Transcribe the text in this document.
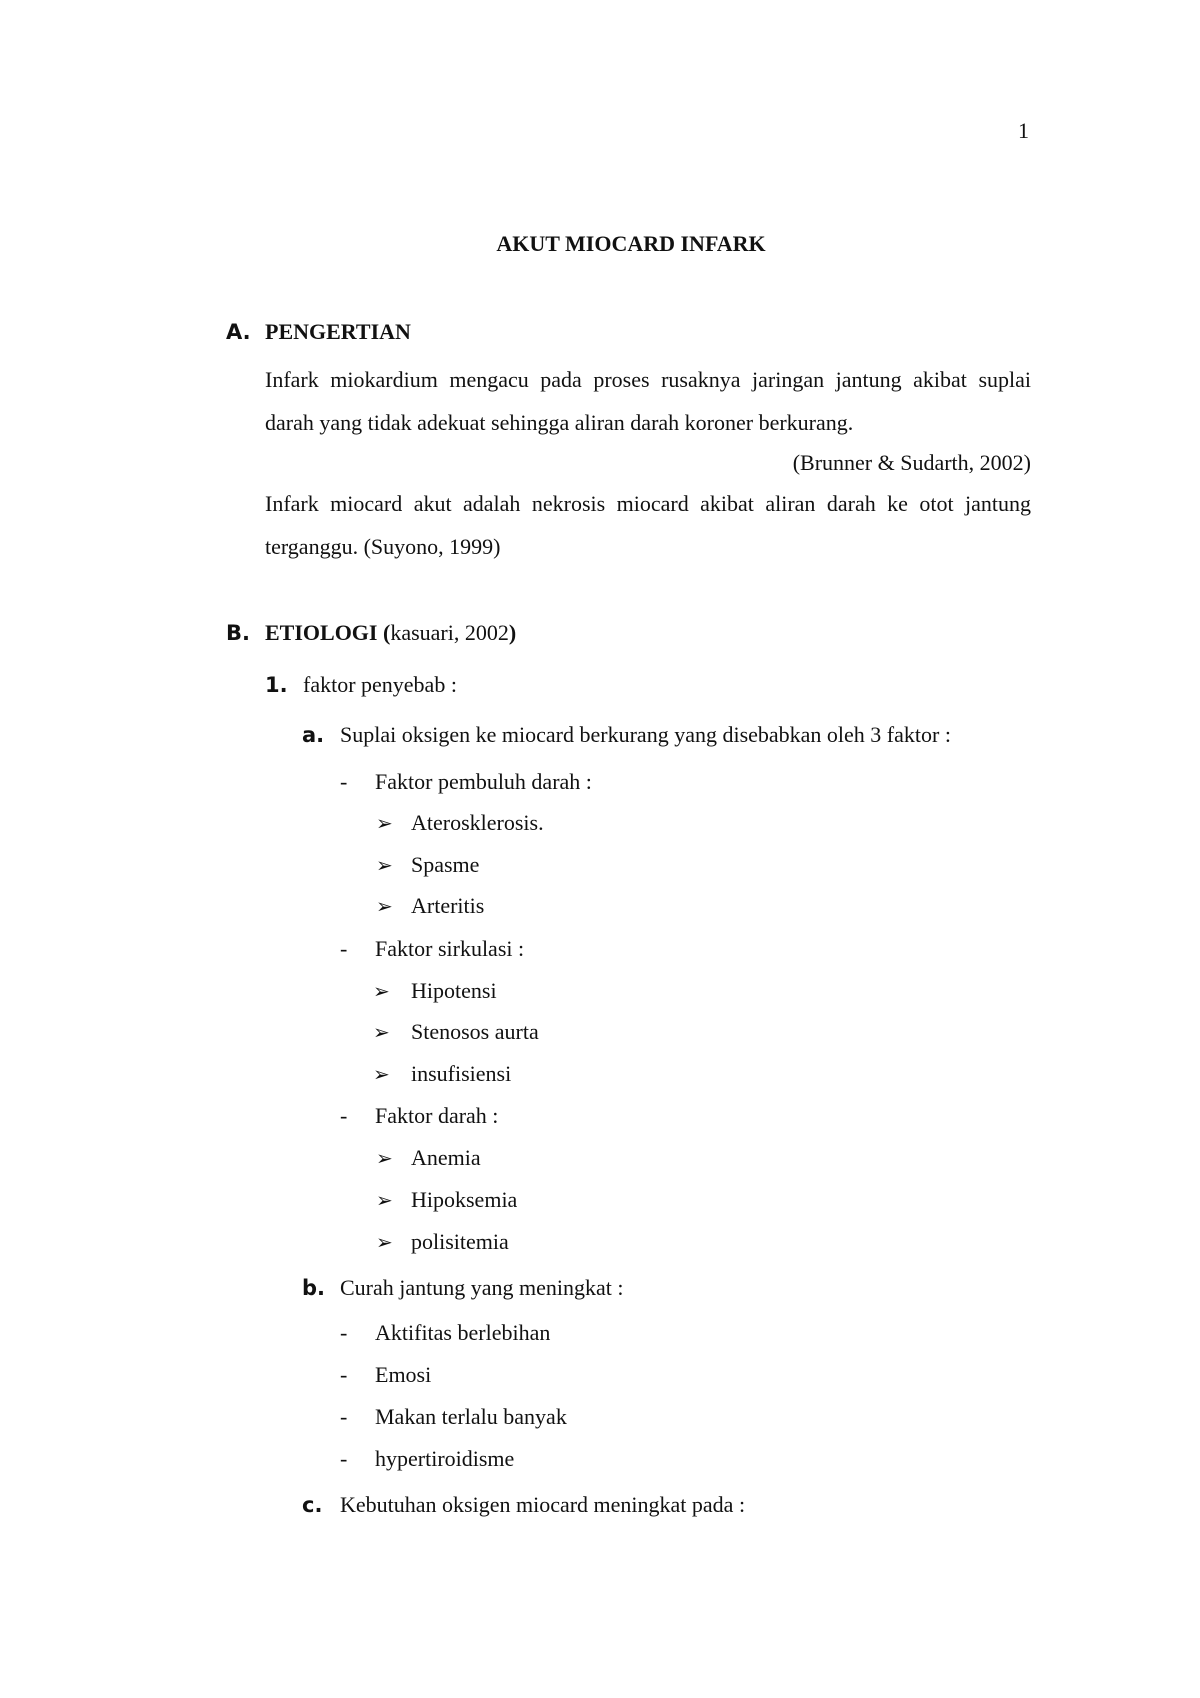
1
AKUT MIOCARD INFARK
A. PENGERTIAN
Infark miokardium mengacu pada proses rusaknya jaringan jantung akibat suplai darah yang tidak adekuat sehingga aliran darah koroner berkurang.
(Brunner & Sudarth, 2002)
Infark miocard akut adalah nekrosis miocard akibat aliran darah ke otot jantung terganggu. (Suyono, 1999)
B. ETIOLOGI (kasuari, 2002)
1. faktor penyebab :
a. Suplai oksigen ke miocard berkurang yang disebabkan oleh 3 faktor :
- Faktor pembuluh darah :
➢ Aterosklerosis.
➢ Spasme
➢ Arteritis
- Faktor sirkulasi :
➢ Hipotensi
➢ Stenosos aurta
➢ insufisiensi
- Faktor darah :
➢ Anemia
➢ Hipoksemia
➢ polisitemia
b. Curah jantung yang meningkat :
- Aktifitas berlebihan
- Emosi
- Makan terlalu banyak
- hypertiroidisme
c. Kebutuhan oksigen miocard meningkat pada :
